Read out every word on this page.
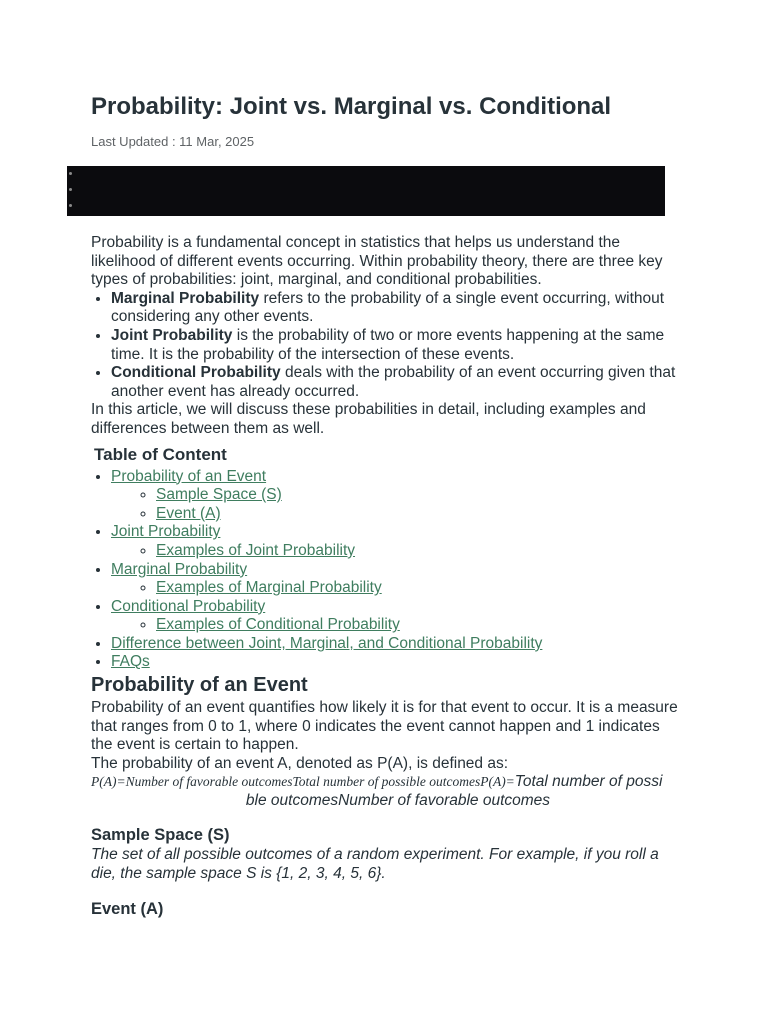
Probability: Joint vs. Marginal vs. Conditional
Last Updated : 11 Mar, 2025

Probability is a fundamental concept in statistics that helps us understand the likelihood of different events occurring. Within probability theory, there are three key types of probabilities: joint, marginal, and conditional probabilities.

• Marginal Probability refers to the probability of a single event occurring, without considering any other events.
• Joint Probability is the probability of two or more events happening at the same time. It is the probability of the intersection of these events.
• Conditional Probability deals with the probability of an event occurring given that another event has already occurred.

In this article, we will discuss these probabilities in detail, including examples and differences between them as well.

Table of Content
• Probability of an Event
◦ Sample Space (S)
◦ Event (A)
• Joint Probability
◦ Examples of Joint Probability
• Marginal Probability
◦ Examples of Marginal Probability
• Conditional Probability
◦ Examples of Conditional Probability
• Difference between Joint, Marginal, and Conditional Probability
• FAQs
Probability of an Event

Probability of an event quantifies how likely it is for that event to occur. It is a measure that ranges from 0 to 1, where 0 indicates the event cannot happen and 1 indicates the event is certain to happen.

The probability of an event A, denoted as P(A), is defined as:

P(A)=Number of favorable outcomesTotal number of possible outcomesP(A)=Total number of possi
ble outcomesNumber of favorable outcomes
Sample Space (S)

The set of all possible outcomes of a random experiment. For example, if you roll a die, the sample space S is {1, 2, 3, 4, 5, 6}.

Event (A)
